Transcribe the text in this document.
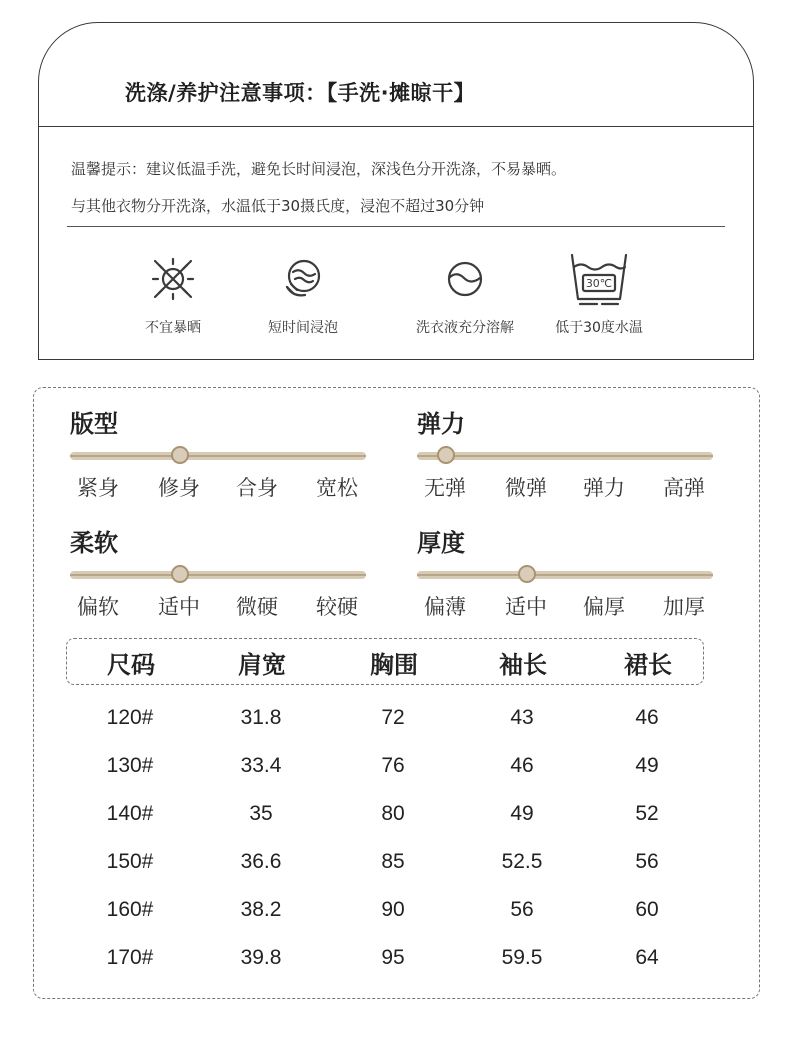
洗涤/养护注意事项：【手洗·摊晾干】
温馨提示：建议低温手洗，避免长时间浸泡，深浅色分开洗涤，不易暴晒。
与其他衣物分开洗涤，水温低于30摄氏度，浸泡不超过30分钟
不宜暴晒	短时间浸泡	洗衣液充分溶解
30℃
低于30度水温
版型
紧身 修身 合身 宽松
弹力
无弹 微弹 弹力 高弹
柔软
偏软 适中 微硬 较硬
厚度
偏薄 适中 偏厚 加厚
尺码	肩宽	胸围	袖长	裙长
120#	31.8	72	43	46
130#	33.4	76	46	49
140#	35	80	49	52
150#	36.6	85	52.5	56
160#	38.2	90	56	60
170#	39.8	95	59.5	64
